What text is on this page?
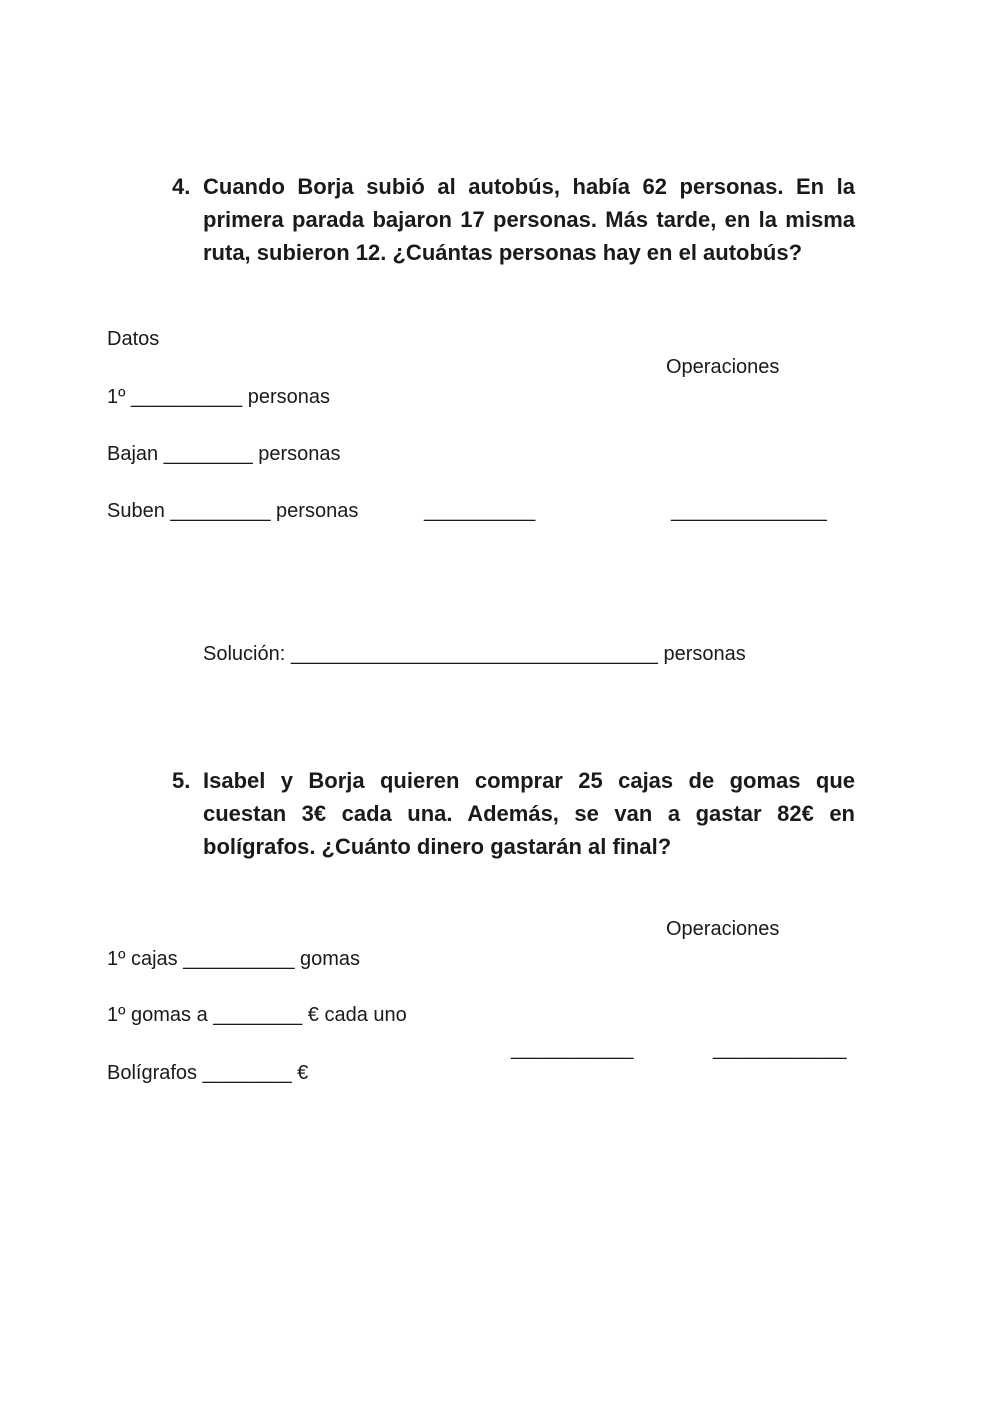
4. Cuando Borja subió al autobús, había 62 personas. En la primera parada bajaron 17 personas. Más tarde, en la misma ruta, subieron 12. ¿Cuántas personas hay en el autobús?
Datos
Operaciones
1º __________ personas
Bajan ________ personas
Suben _________ personas	__________	______________
Solución: _________________________________ personas
5. Isabel y Borja quieren comprar 25 cajas de gomas que cuestan 3€ cada una. Además, se van a gastar 82€ en bolígrafos. ¿Cuánto dinero gastarán al final?
Operaciones
1º cajas __________ gomas
1º gomas a ________ € cada uno
___________	____________
Bolígrafos ________ €
